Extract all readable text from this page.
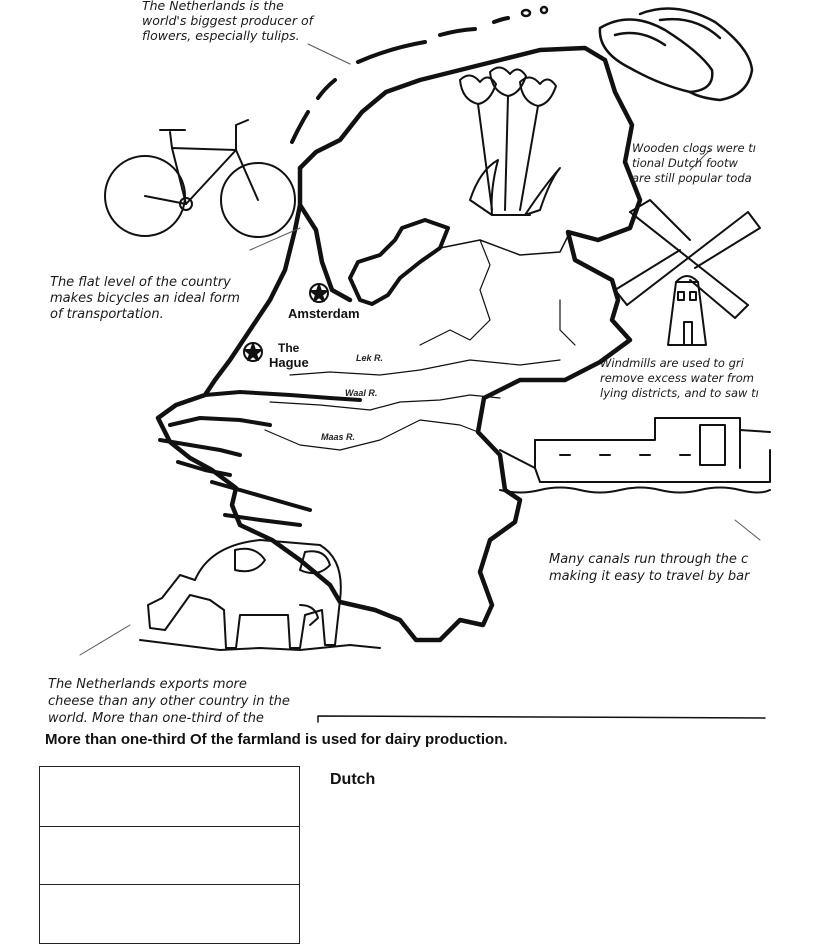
The Netherlands is the
world's biggest producer of
flowers, especially tulips.
Wooden clogs were tı
tional Dutch footw
are still popular toda
The flat level of the country
makes bicycles an ideal form
of transportation.
Windmills are used to gri
remove excess water from
lying districts, and to saw tı
Many canals run through the c
making it easy to travel by bar
The Netherlands exports more
cheese than any other country in the
world. More than one-third of the
Amsterdam
The
Hague	Lek R.
Waal R.
Maas R.
More than one-third Of the farmland is used for dairy production.
Dutch
